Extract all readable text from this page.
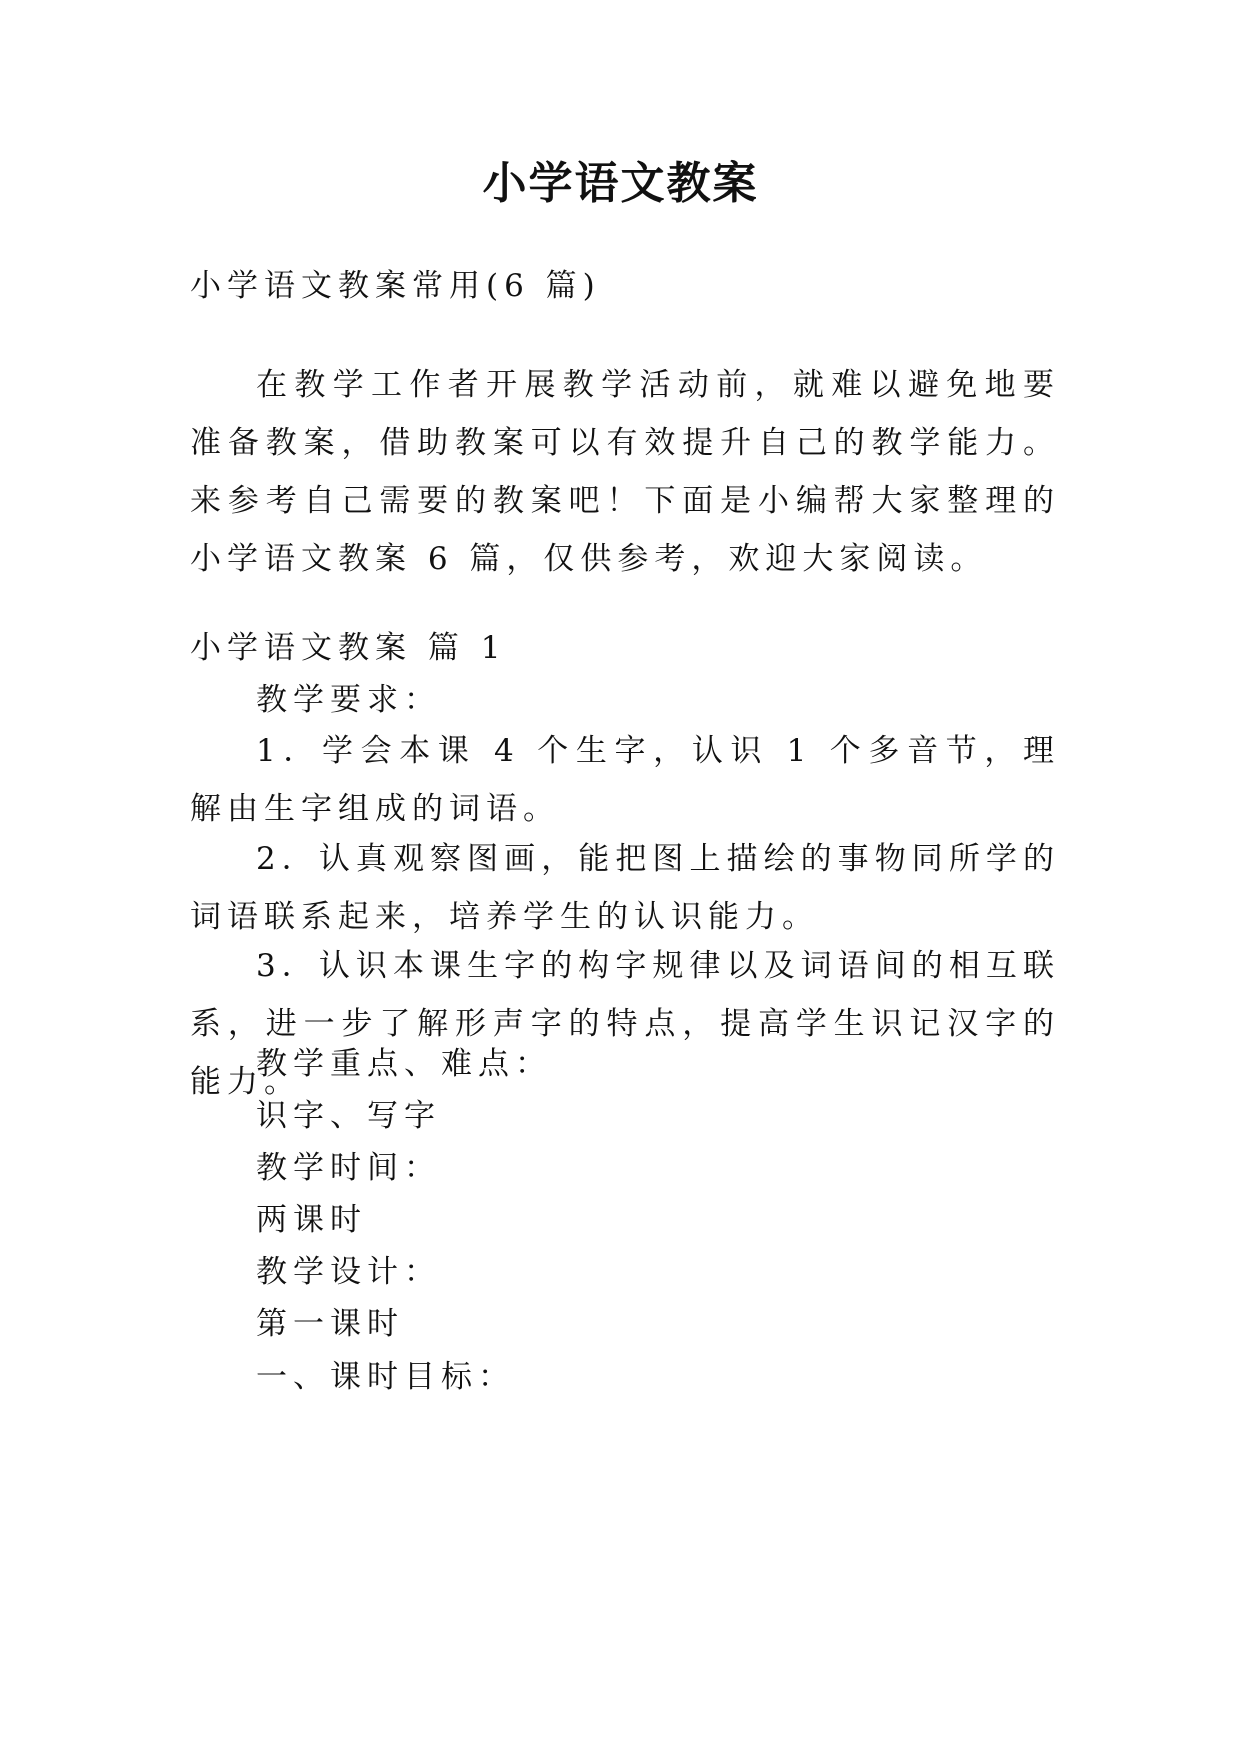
小学语文教案
小学语文教案常用(6 篇)
在教学工作者开展教学活动前，就难以避免地要准备教案，借助教案可以有效提升自己的教学能力。来参考自己需要的教案吧！下面是小编帮大家整理的小学语文教案 6 篇，仅供参考，欢迎大家阅读。
小学语文教案 篇 1
教学要求：
1．学会本课 4 个生字，认识 1 个多音节，理解由生字组成的词语。
2．认真观察图画，能把图上描绘的事物同所学的词语联系起来，培养学生的认识能力。
3．认识本课生字的构字规律以及词语间的相互联系，进一步了解形声字的特点，提高学生识记汉字的能力。
教学重点、难点：
识字、写字
教学时间：
两课时
教学设计：
第一课时
一、课时目标：
